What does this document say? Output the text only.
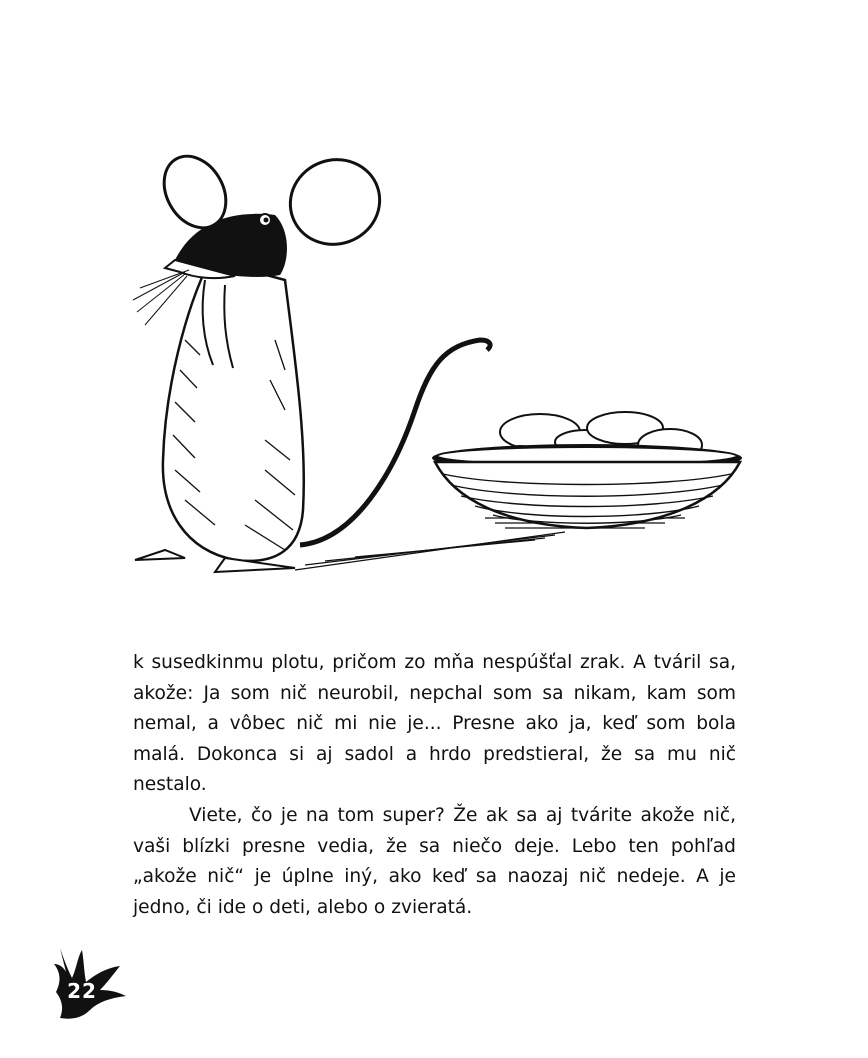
k susedkinmu plotu, pričom zo mňa nespúšťal zrak. A tváril sa, akože: Ja som nič neurobil, nepchal som sa nikam, kam som nemal, a vôbec nič mi nie je... Presne ako ja, keď som bola malá. Dokonca si aj sadol a hrdo predstieral, že sa mu nič nestalo.

Viete, čo je na tom super? Že ak sa aj tvárite akože nič, vaši blízki presne vedia, že sa niečo deje. Lebo ten pohľad „akože nič“ je úplne iný, ako keď sa naozaj nič nedeje. A je jedno, či ide o deti, alebo o zvieratá.

22
